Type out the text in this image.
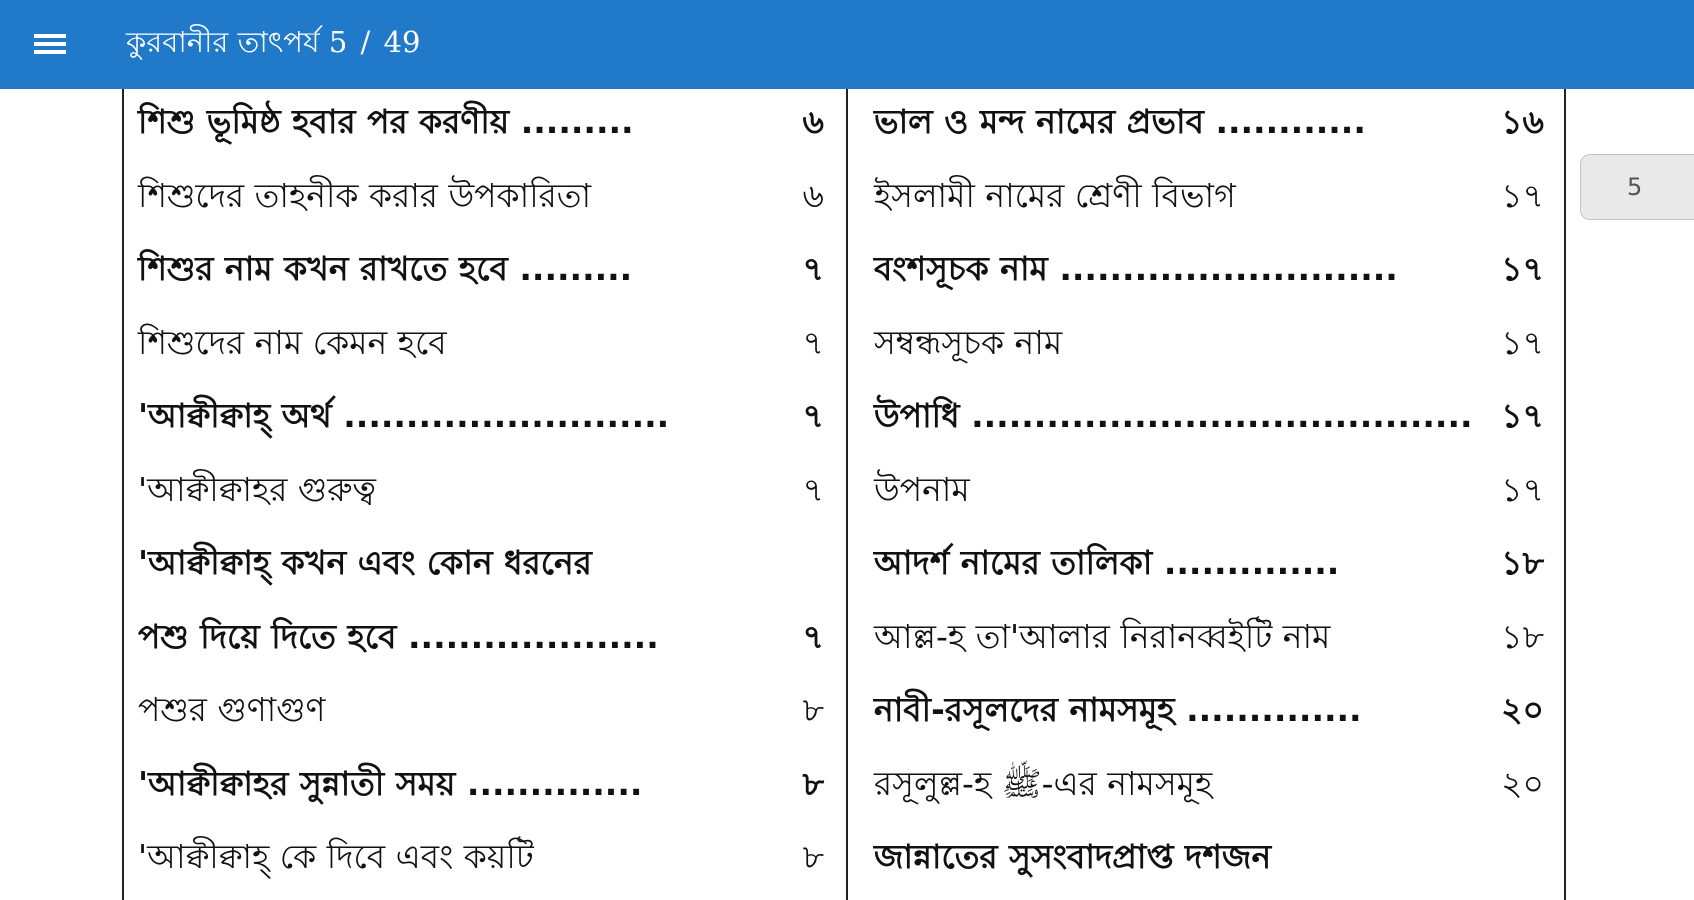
কুরবানীর তাৎপর্য 5 / 49
শিশু ভূমিষ্ঠ হবার পর করণীয় .........	৬
শিশুদের তাহনীক করার উপকারিতা	৬
শিশুর নাম কখন রাখতে হবে .........	৭
শিশুদের নাম কেমন হবে	৭
'আক্বীক্বাহ্ অর্থ ..........................	৭
'আক্বীক্বাহর গুরুত্ব	৭
'আক্বীক্বাহ্ কখন এবং কোন ধরনের
পশু দিয়ে দিতে হবে ....................	৭
পশুর গুণাগুণ	৮
'আক্বীক্বাহর সুন্নাতী সময় ..............	৮
'আক্বীক্বাহ্ কে দিবে এবং কয়টি	৮
ভাল ও মন্দ নামের প্রভাব ............	১৬
ইসলামী নামের শ্রেণী বিভাগ	১৭
বংশসূচক নাম ...........................	১৭
সম্বন্ধসূচক নাম	১৭
উপাধি ........................................ ১৭
উপনাম	১৭
আদর্শ নামের তালিকা ..............	১৮
আল্ল-হ তা'আলার নিরানব্বইটি নাম	১৮
নাবী-রসূলদের নামসমূহ ..............	২০
রসূলুল্ল-হ ﷺ-এর নামসমূহ	২০
জান্নাতের সুসংবাদপ্রাপ্ত দশজন
5
